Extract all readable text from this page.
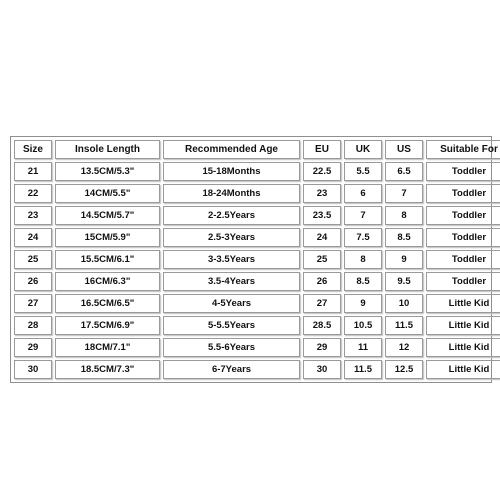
Size	Insole Length	Recommended Age	EU	UK	US	Suitable For
21	13.5CM/5.3"	15-18Months	22.5	5.5	6.5	Toddler
22	14CM/5.5"	18-24Months	23	6	7	Toddler
23	14.5CM/5.7"	2-2.5Years	23.5	7	8	Toddler
24	15CM/5.9"	2.5-3Years	24	7.5	8.5	Toddler
25	15.5CM/6.1"	3-3.5Years	25	8	9	Toddler
26	16CM/6.3"	3.5-4Years	26	8.5	9.5	Toddler
27	16.5CM/6.5"	4-5Years	27	9	10	Little Kid
28	17.5CM/6.9"	5-5.5Years	28.5	10.5	11.5	Little Kid
29	18CM/7.1"	5.5-6Years	29	11	12	Little Kid
30	18.5CM/7.3"	6-7Years	30	11.5	12.5	Little Kid
